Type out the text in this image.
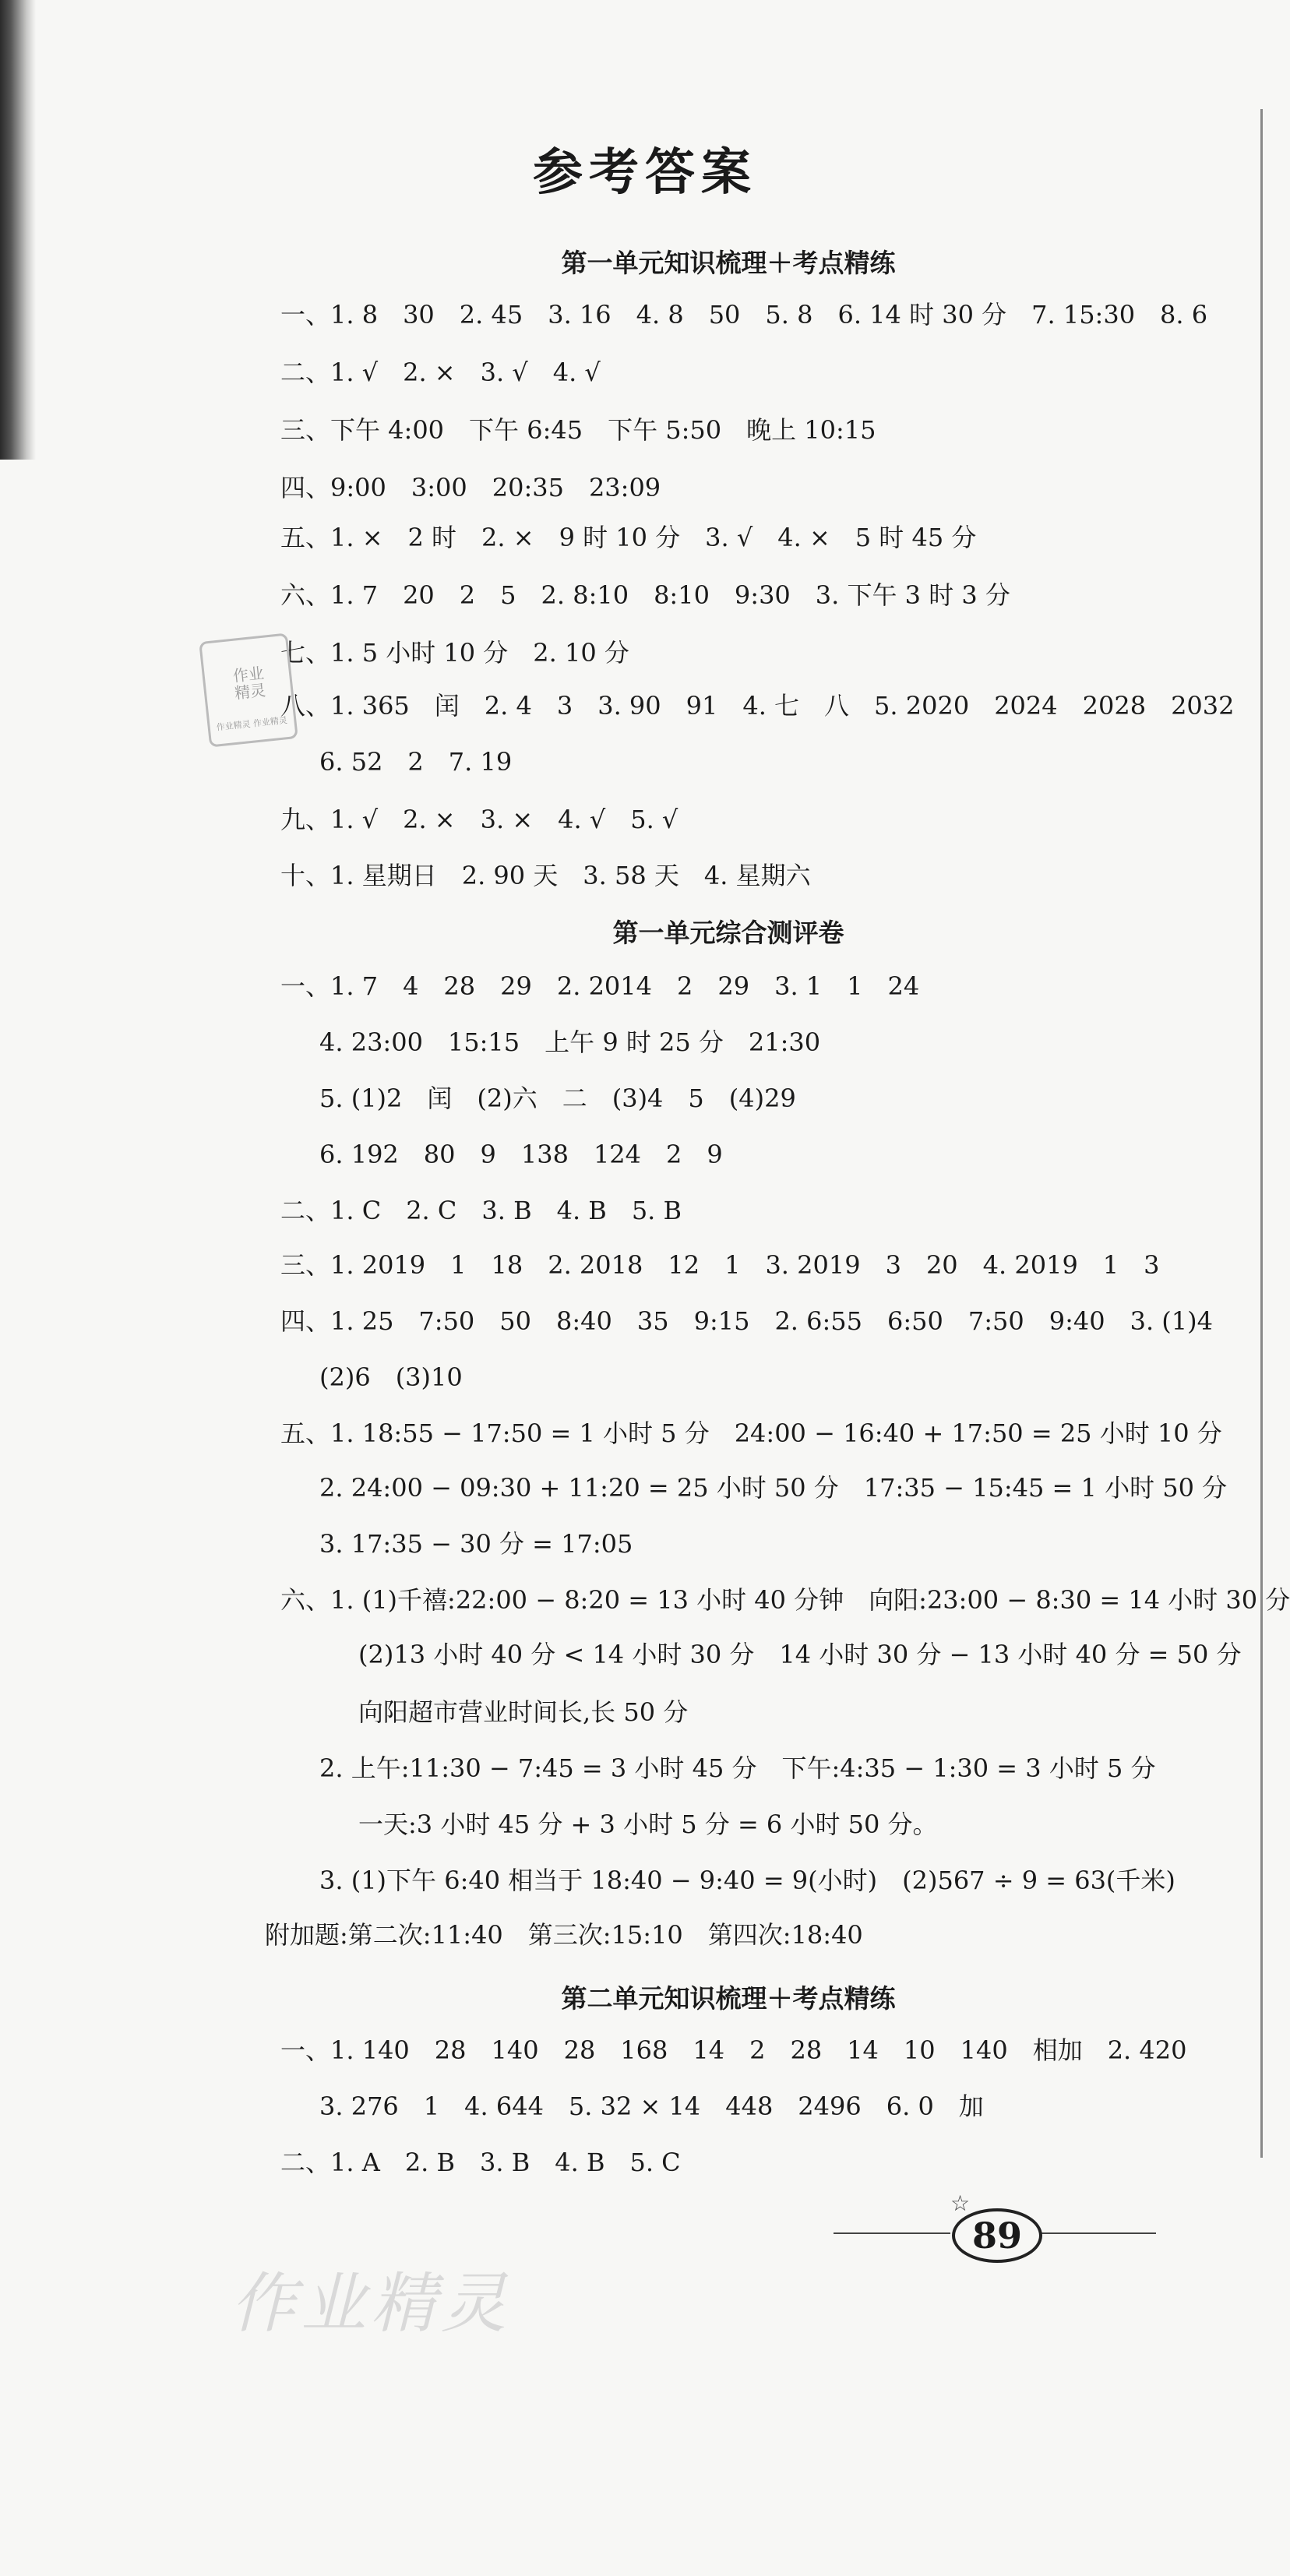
参考答案
第一单元知识梳理＋考点精练
一、1. 8　30　2. 45　3. 16　4. 8　50　5. 8　6. 14 时 30 分　7. 15:30　8. 6
二、1. √　2. ×　3. √　4. √
三、下午 4:00　下午 6:45　下午 5:50　晚上 10:15
四、9:00　3:00　20:35　23:09
五、1. ×　2 时　2. ×　9 时 10 分　3. √　4. ×　5 时 45 分
六、1. 7　20　2　5　2. 8:10　8:10　9:30　3. 下午 3 时 3 分
七、1. 5 小时 10 分　2. 10 分
八、1. 365　闰　2. 4　3　3. 90　91　4. 七　八　5. 2020　2024　2028　2032
6. 52　2　7. 19
九、1. √　2. ×　3. ×　4. √　5. √
十、1. 星期日　2. 90 天　3. 58 天　4. 星期六
第一单元综合测评卷
一、1. 7　4　28　29　2. 2014　2　29　3. 1　1　24
4. 23:00　15:15　上午 9 时 25 分　21:30
5. (1)2　闰　(2)六　二　(3)4　5　(4)29
6. 192　80　9　138　124　2　9
二、1. C　2. C　3. B　4. B　5. B
三、1. 2019　1　18　2. 2018　12　1　3. 2019　3　20　4. 2019　1　3
四、1. 25　7:50　50　8:40　35　9:15　2. 6:55　6:50　7:50　9:40　3. (1)4
(2)6　(3)10
五、1. 18:55 − 17:50 = 1 小时 5 分　24:00 − 16:40 + 17:50 = 25 小时 10 分
2. 24:00 − 09:30 + 11:20 = 25 小时 50 分　17:35 − 15:45 = 1 小时 50 分
3. 17:35 − 30 分 = 17:05
六、1. (1)千禧:22:00 − 8:20 = 13 小时 40 分钟　向阳:23:00 − 8:30 = 14 小时 30 分
(2)13 小时 40 分 < 14 小时 30 分　14 小时 30 分 − 13 小时 40 分 = 50 分
向阳超市营业时间长,长 50 分
2. 上午:11:30 − 7:45 = 3 小时 45 分　下午:4:35 − 1:30 = 3 小时 5 分
一天:3 小时 45 分 + 3 小时 5 分 = 6 小时 50 分。
3. (1)下午 6:40 相当于 18:40 − 9:40 = 9(小时)　(2)567 ÷ 9 = 63(千米)
附加题:第二次:11:40　第三次:15:10　第四次:18:40
第二单元知识梳理＋考点精练
一、1. 140　28　140　28　168　14　2　28　14　10　140　相加　2. 420
3. 276　1　4. 644　5. 32 × 14　448　2496　6. 0　加
二、1. A　2. B　3. B　4. B　5. C
作业
精灵
作业精灵 作业精灵
作业精灵
☆
89
